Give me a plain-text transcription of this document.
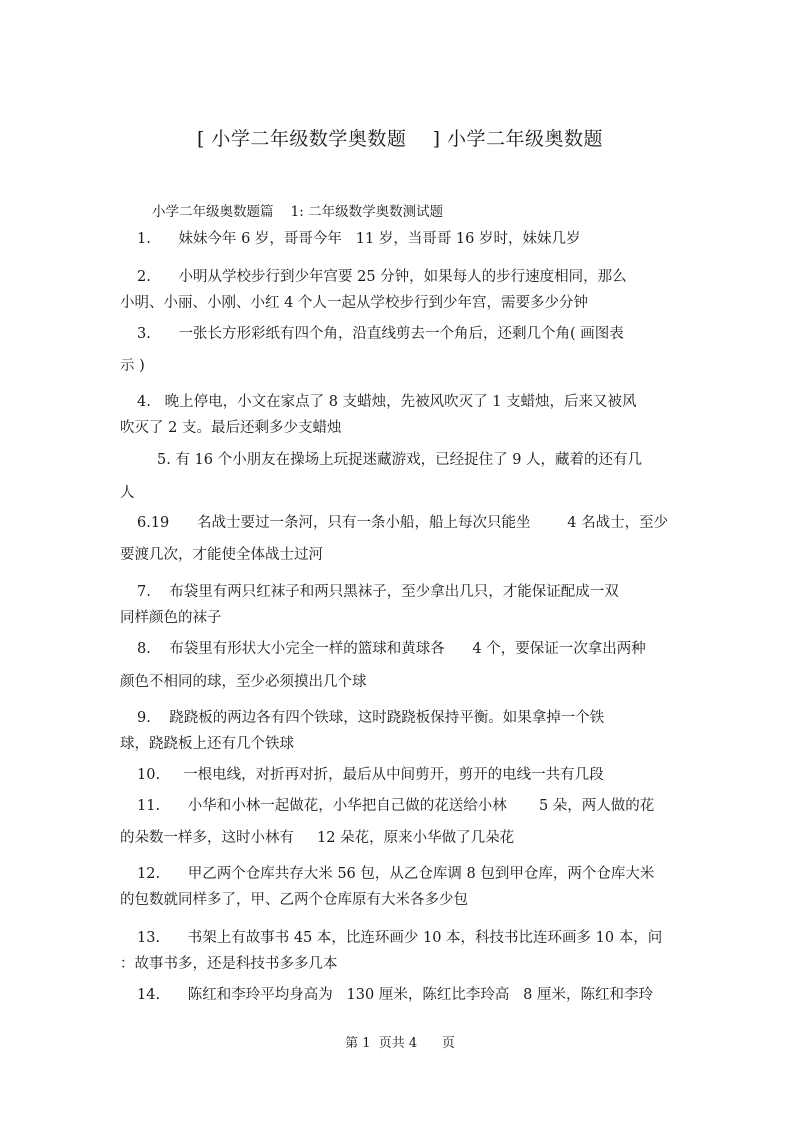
[ 小学二年级数学奥数题    ] 小学二年级奥数题
小学二年级奥数题篇    1: 二年级数学奥数测试题
1.      妹妹今年 6 岁，哥哥今年   11 岁，当哥哥 16 岁时，妹妹几岁
2.      小明从学校步行到少年宫要 25 分钟，如果每人的步行速度相同，那么
小明、小丽、小刚、小红 4 个人一起从学校步行到少年宫，需要多少分钟
3.      一张长方形彩纸有四个角，沿直线剪去一个角后，还剩几个角( 画图表
示 )
4.   晚上停电，小文在家点了 8 支蜡烛，先被风吹灭了 1 支蜡烛，后来又被风
吹灭了 2 支。最后还剩多少支蜡烛
5. 有 16 个小朋友在操场上玩捉迷藏游戏，已经捉住了 9 人，藏着的还有几
人
6.19      名战士要过一条河，只有一条小船，船上每次只能坐        4 名战士，至少
要渡几次，才能使全体战士过河
7.    布袋里有两只红袜子和两只黑袜子，至少拿出几只，才能保证配成一双
同样颜色的袜子
8.    布袋里有形状大小完全一样的篮球和黄球各      4 个，要保证一次拿出两种
颜色不相同的球，至少必须摸出几个球
9.    跷跷板的两边各有四个铁球，这时跷跷板保持平衡。如果拿掉一个铁
球，跷跷板上还有几个铁球
10.     一根电线，对折再对折，最后从中间剪开，剪开的电线一共有几段
11.      小华和小林一起做花，小华把自己做的花送给小林       5 朵，两人做的花
的朵数一样多，这时小林有     12 朵花，原来小华做了几朵花
12.      甲乙两个仓库共存大米 56 包，从乙仓库调 8 包到甲仓库，两个仓库大米
的包数就同样多了，甲、乙两个仓库原有大米各多少包
13.      书架上有故事书 45 本，比连环画少 10 本，科技书比连环画多 10 本，问
：故事书多，还是科技书多多几本
14.      陈红和李玲平均身高为   130 厘米，陈红比李玲高   8 厘米，陈红和李玲
第 1  页共 4      页
